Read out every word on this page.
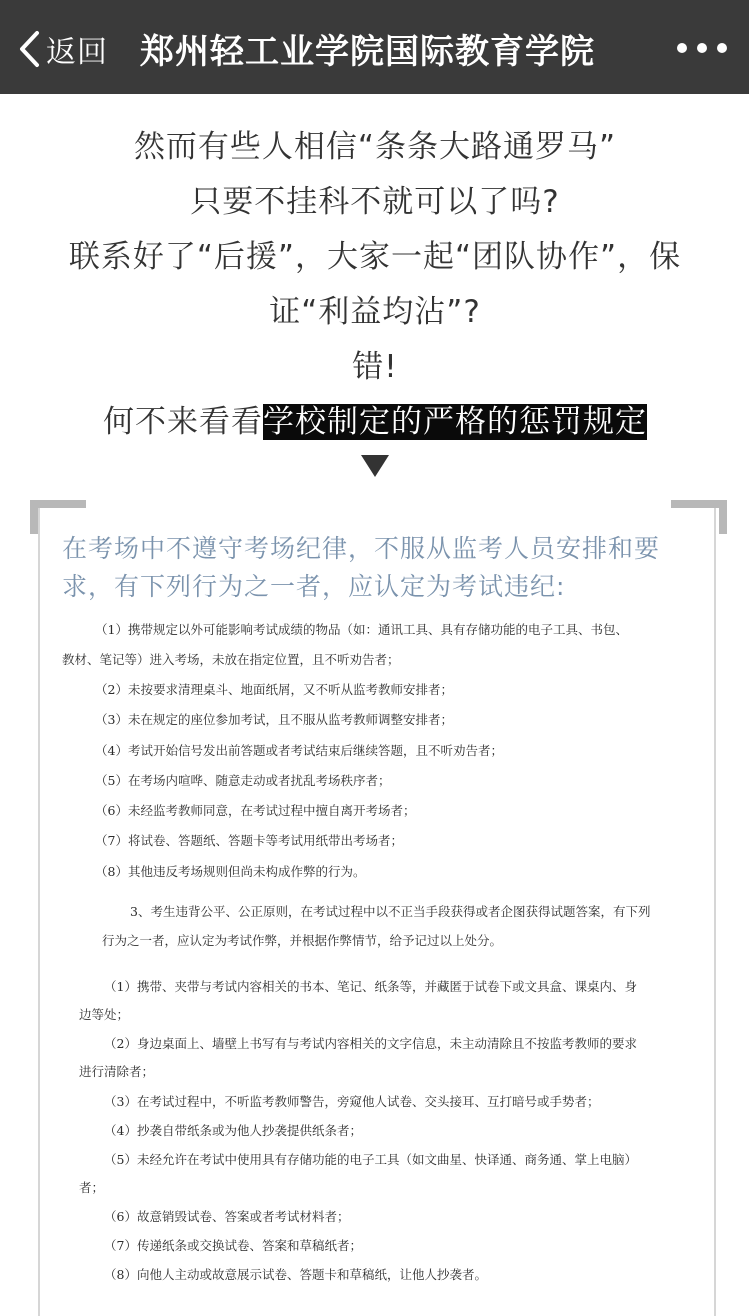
返回 郑州轻工业学院国际教育学院

然而有些人相信“条条大路通罗马”

只要不挂科不就可以了吗?

联系好了“后援”，大家一起“团队协作”，保

证“利益均沾”?

错!

何不来看看学校制定的严格的惩罚规定

在考场中不遵守考场纪律，不服从监考人员安排和要求，有下列行为之一者，应认定为考试违纪:

（1）携带规定以外可能影响考试成绩的物品（如：通讯工具、具有存储功能的电子工具、书包、

教材、笔记等）进入考场，未放在指定位置，且不听劝告者；

（2）未按要求清理桌斗、地面纸屑，又不听从监考教师安排者；

（3）未在规定的座位参加考试，且不服从监考教师调整安排者；

（4）考试开始信号发出前答题或者考试结束后继续答题，且不听劝告者；

（5）在考场内喧哗、随意走动或者扰乱考场秩序者；

（6）未经监考教师同意，在考试过程中擅自离开考场者；

（7）将试卷、答题纸、答题卡等考试用纸带出考场者；

（8）其他违反考场规则但尚未构成作弊的行为。

3、考生违背公平、公正原则，在考试过程中以不正当手段获得或者企图获得试题答案，有下列

行为之一者，应认定为考试作弊，并根据作弊情节，给予记过以上处分。

（1）携带、夹带与考试内容相关的书本、笔记、纸条等，并藏匿于试卷下或文具盒、课桌内、身

边等处；

（2）身边桌面上、墙壁上书写有与考试内容相关的文字信息，未主动清除且不按监考教师的要求

进行清除者；

（3）在考试过程中，不听监考教师警告，旁窥他人试卷、交头接耳、互打暗号或手势者；

（4）抄袭自带纸条或为他人抄袭提供纸条者；

（5）未经允许在考试中使用具有存储功能的电子工具（如文曲星、快译通、商务通、掌上电脑）

者；

（6）故意销毁试卷、答案或者考试材料者；

（7）传递纸条或交换试卷、答案和草稿纸者；

（8）向他人主动或故意展示试卷、答题卡和草稿纸，让他人抄袭者。
